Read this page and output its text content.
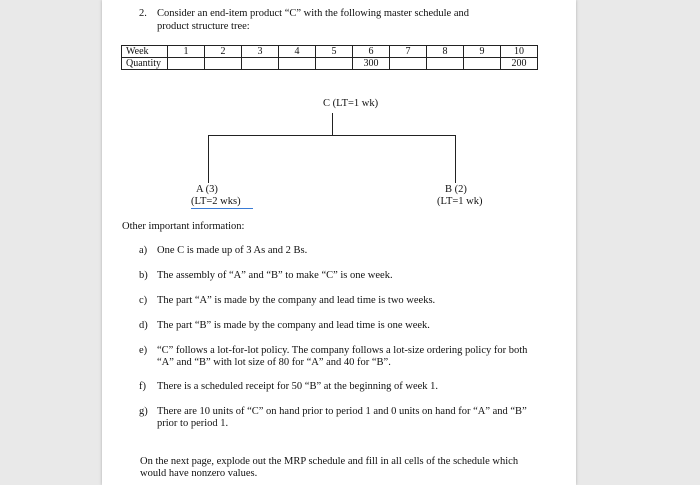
2. Consider an end-item product “C” with the following master schedule and
product structure tree:
Week	1	2	3	4	5	6	7	8	9	10
Quantity						300				200
C (LT=1 wk)
A (3)
(LT=2 wks)
B (2)
(LT=1 wk)
Other important information:
a) One C is made up of 3 As and 2 Bs.
b) The assembly of “A” and “B” to make “C” is one week.
c) The part “A” is made by the company and lead time is two weeks.
d) The part “B” is made by the company and lead time is one week.
e) “C” follows a lot-for-lot policy. The company follows a lot-size ordering policy for both
“A” and “B” with lot size of 80 for “A” and 40 for “B”.
f)	There is a scheduled receipt for 50 “B” at the beginning of week 1.
g) There are 10 units of “C” on hand prior to period 1 and 0 units on hand for “A” and “B”
prior to period 1.
On the next page, explode out the MRP schedule and fill in all cells of the schedule which
would have nonzero values.
